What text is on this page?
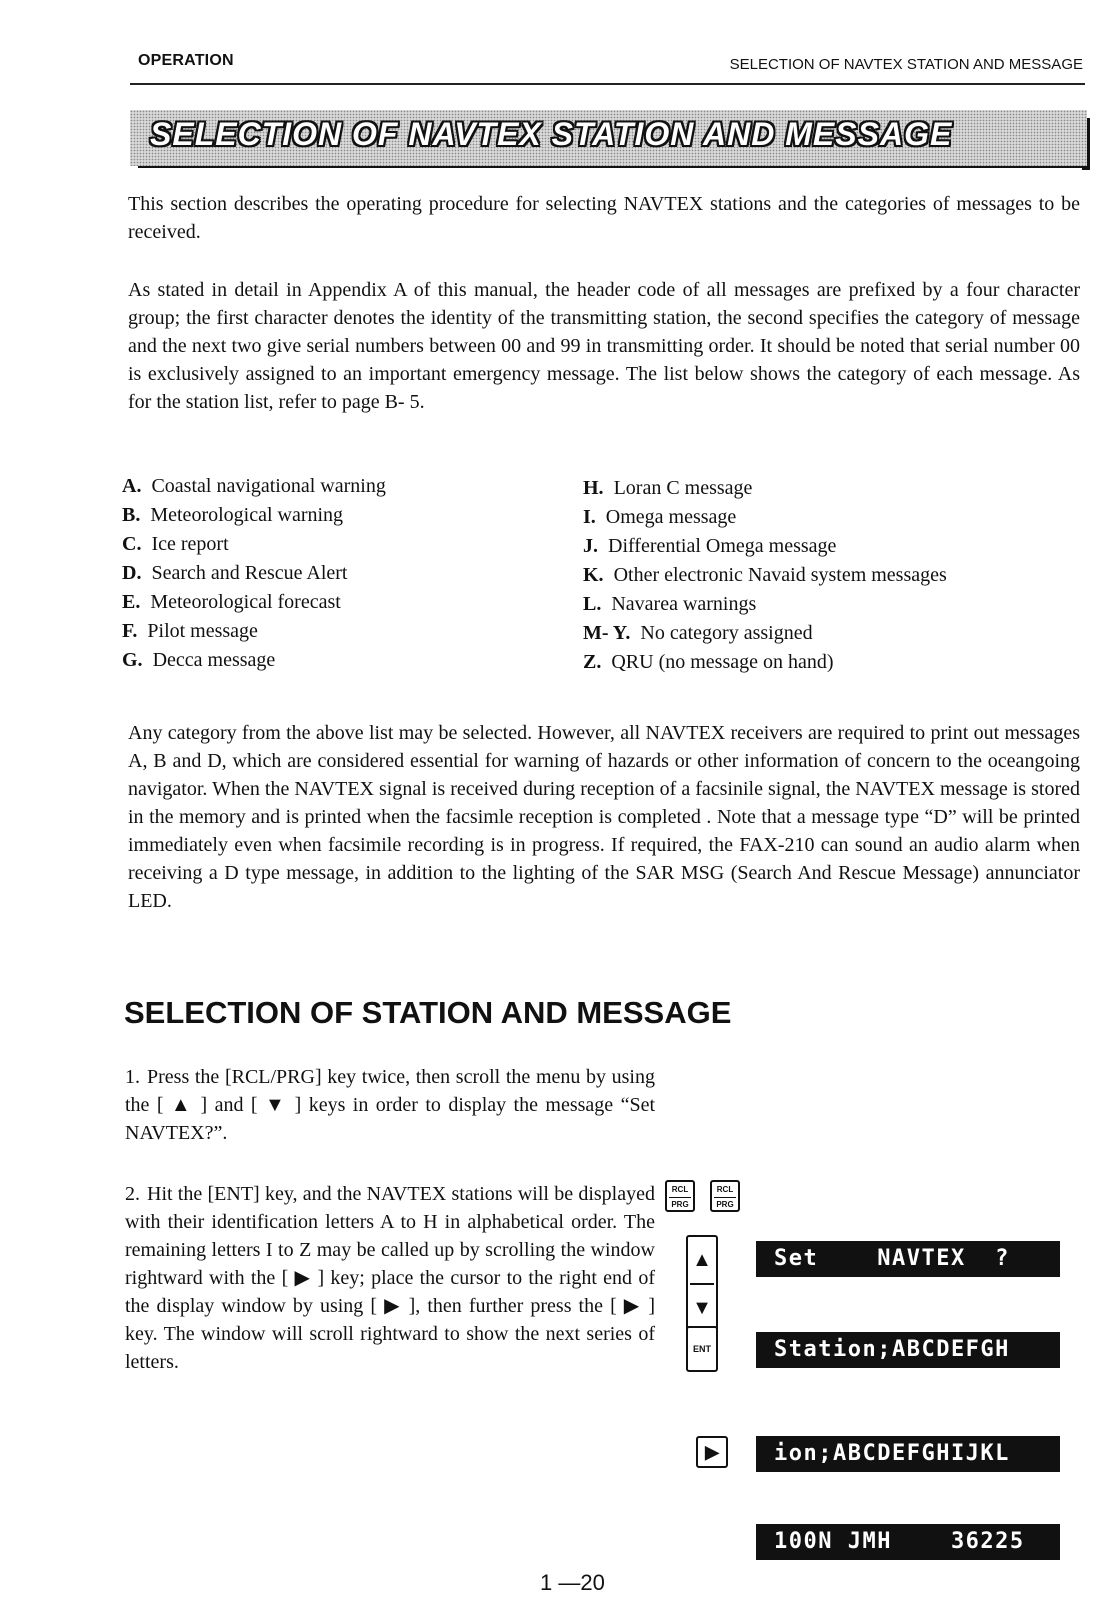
OPERATION	SELECTION OF NAVTEX STATION AND MESSAGE
SELECTION OF NAVTEX STATION AND MESSAGE
This section describes the operating procedure for selecting NAVTEX stations and the categories of messages to be received.
As stated in detail in Appendix A of this manual, the header code of all messages are prefixed by a four character group; the first character denotes the identity of the transmitting station, the second specifies the category of message and the next two give serial numbers between 00 and 99 in transmitting order. It should be noted that serial number 00 is exclusively assigned to an important emergency message. The list below shows the category of each message. As for the station list, refer to page B- 5.
A. Coastal navigational warning
B. Meteorological warning
C. Ice report
D. Search and Rescue Alert
E. Meteorological forecast
F. Pilot message
G. Decca message
H. Loran C message
I. Omega message
J. Differential Omega message
K. Other electronic Navaid system messages
L. Navarea warnings
M- Y. No category assigned
Z. QRU (no message on hand)
Any category from the above list may be selected. However, all NAVTEX receivers are required to print out messages A, B and D, which are considered essential for warning of hazards or other information of concern to the oceangoing navigator. When the NAVTEX signal is received during reception of a facsinile signal, the NAVTEX message is stored in the memory and is printed when the facsimle reception is completed . Note that a message type “D” will be printed immediately even when facsimile recording is in progress. If required, the FAX-210 can sound an audio alarm when receiving a D type message, in addition to the lighting of the SAR MSG (Search And Rescue Message) annunciator LED.
SELECTION OF STATION AND MESSAGE
1. Press the [RCL/PRG] key twice, then scroll the menu by using the [ ▲ ] and [ ▼ ] keys in order to display the message “Set NAVTEX?”.
2. Hit the [ENT] key, and the NAVTEX stations will be displayed with their identification letters A to H in alphabetical order. The remaining letters I to Z may be called up by scrolling the window rightward with the [ ▶ ] key; place the cursor to the right end of the display window by using [ ▶ ], then further press the [ ▶ ] key. The window will scroll rightward to show the next series of letters.
RCL
PRG
RCL
PRG
▲
▼
ENT
▶
Set    NAVTEX  ?
Station;ABCDEFGH
ion;ABCDEFGHIJKL
100N JMH    36225
1 —20
